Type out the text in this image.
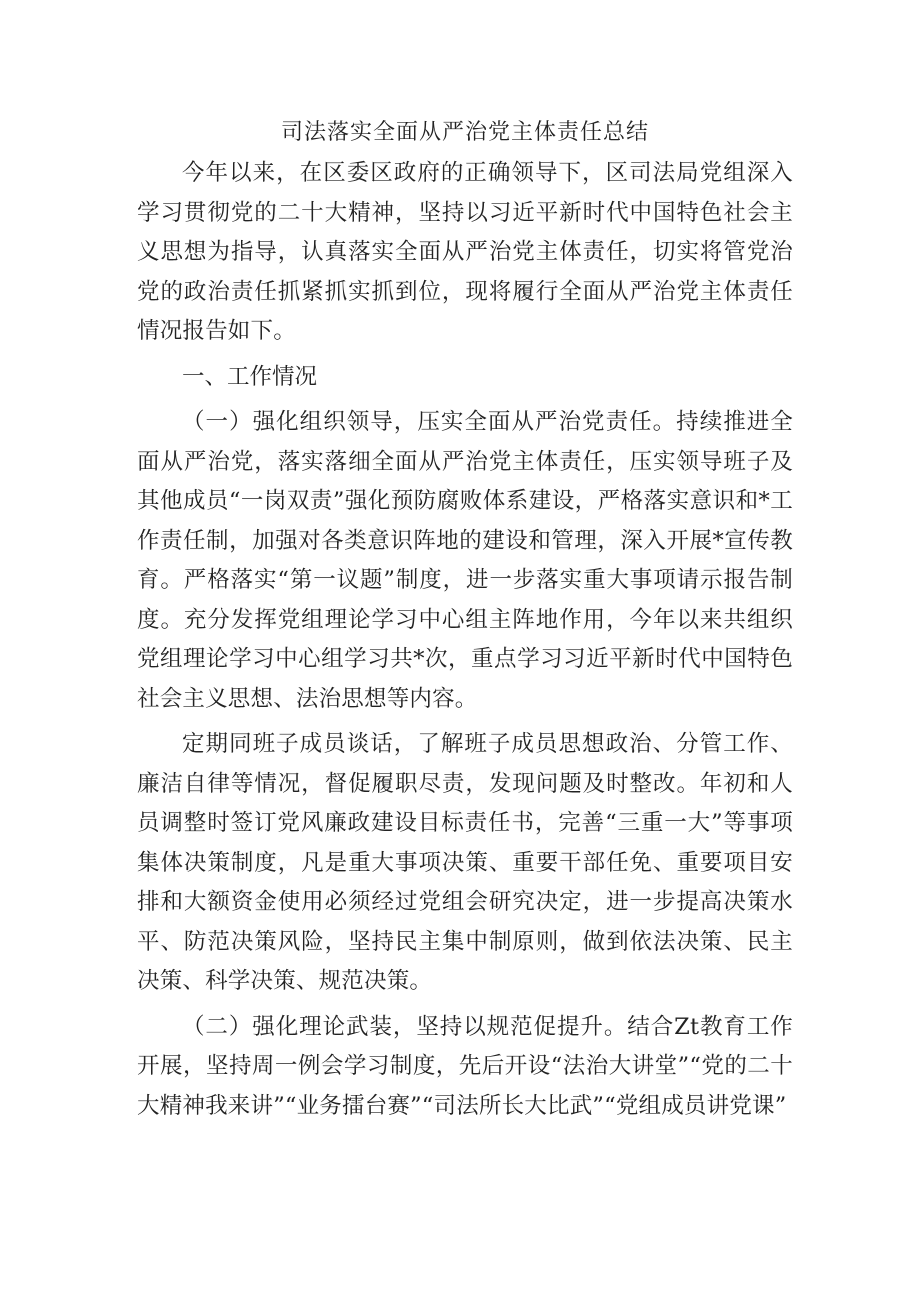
司法落实全面从严治党主体责任总结

今年以来，在区委区政府的正确领导下，区司法局党组深入学习贯彻党的二十大精神，坚持以习近平新时代中国特色社会主义思想为指导，认真落实全面从严治党主体责任，切实将管党治党的政治责任抓紧抓实抓到位，现将履行全面从严治党主体责任情况报告如下。

一、工作情况

（一）强化组织领导，压实全面从严治党责任。持续推进全面从严治党，落实落细全面从严治党主体责任，压实领导班子及其他成员“一岗双责”强化预防腐败体系建设，严格落实意识和*工作责任制，加强对各类意识阵地的建设和管理，深入开展*宣传教育。严格落实“第一议题”制度，进一步落实重大事项请示报告制度。充分发挥党组理论学习中心组主阵地作用，今年以来共组织党组理论学习中心组学习共*次，重点学习习近平新时代中国特色社会主义思想、法治思想等内容。

定期同班子成员谈话，了解班子成员思想政治、分管工作、廉洁自律等情况，督促履职尽责，发现问题及时整改。年初和人员调整时签订党风廉政建设目标责任书，完善“三重一大”等事项集体决策制度，凡是重大事项决策、重要干部任免、重要项目安排和大额资金使用必须经过党组会研究决定，进一步提高决策水平、防范决策风险，坚持民主集中制原则，做到依法决策、民主决策、科学决策、规范决策。

（二）强化理论武装，坚持以规范促提升。结合Zt教育工作开展，坚持周一例会学习制度，先后开设“法治大讲堂”“党的二十大精神我来讲”“业务擂台赛”“司法所长大比武”“党组成员讲党课”
